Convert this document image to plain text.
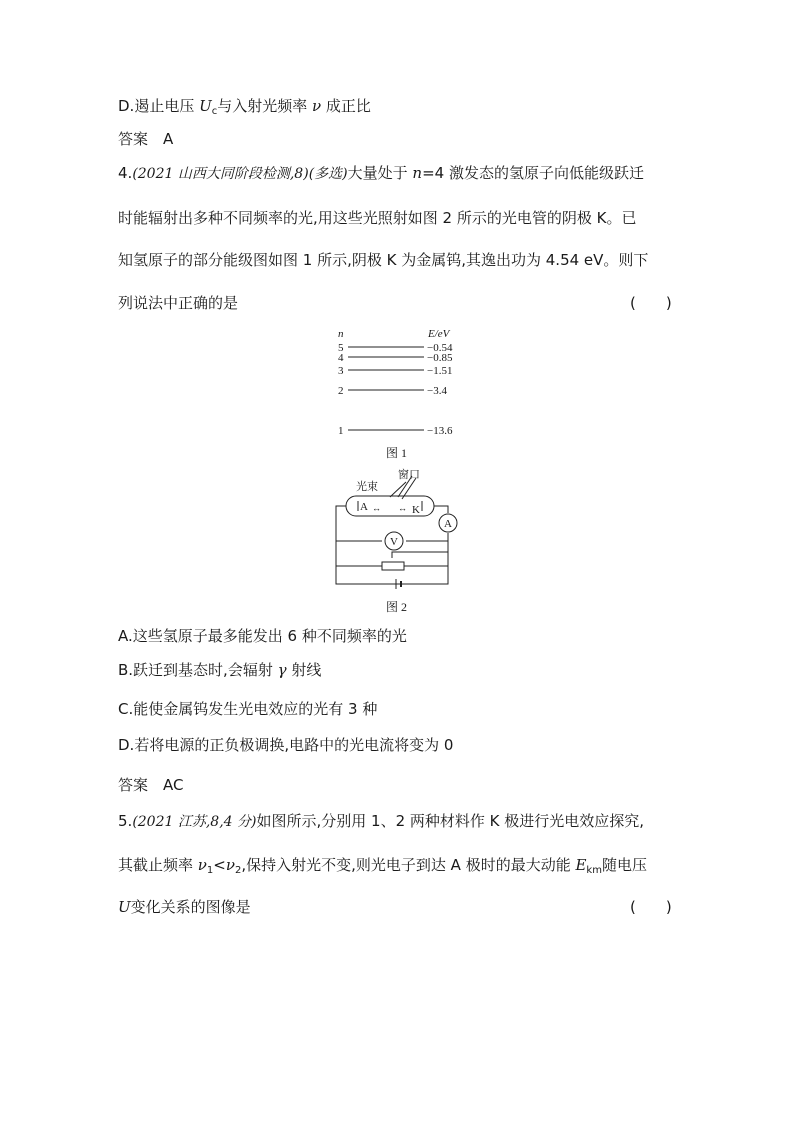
D.遏止电压 $U_c$与入射光频率 ν 成正比
答案　A
4.(2021 山西大同阶段检测,8)(多选)大量处于 n=4 激发态的氢原子向低能级跃迁
时能辐射出多种不同频率的光,用这些光照射如图 2 所示的光电管的阴极 K。已
知氢原子的部分能级图如图 1 所示,阴极 K 为金属钨,其逸出功为 4.54 eV。则下
列说法中正确的是	(　　)
n	E/eV
5	−0.54
4	−0.85
3	−1.51
2	−3.4
1	−13.6
图 1
A
V
A	K
↔ ↔
光束
窗口
图 2
A.这些氢原子最多能发出 6 种不同频率的光
B.跃迁到基态时,会辐射 γ 射线
C.能使金属钨发生光电效应的光有 3 种
D.若将电源的正负极调换,电路中的光电流将变为 0
答案　AC
5.(2021 江苏,8,4 分)如图所示,分别用 1、2 两种材料作 K 极进行光电效应探究,
其截止频率 $\nu_1<\nu_2$,保持入射光不变,则光电子到达 A 极时的最大动能 $E_{km}$随电压
U变化关系的图像是	(　　)
